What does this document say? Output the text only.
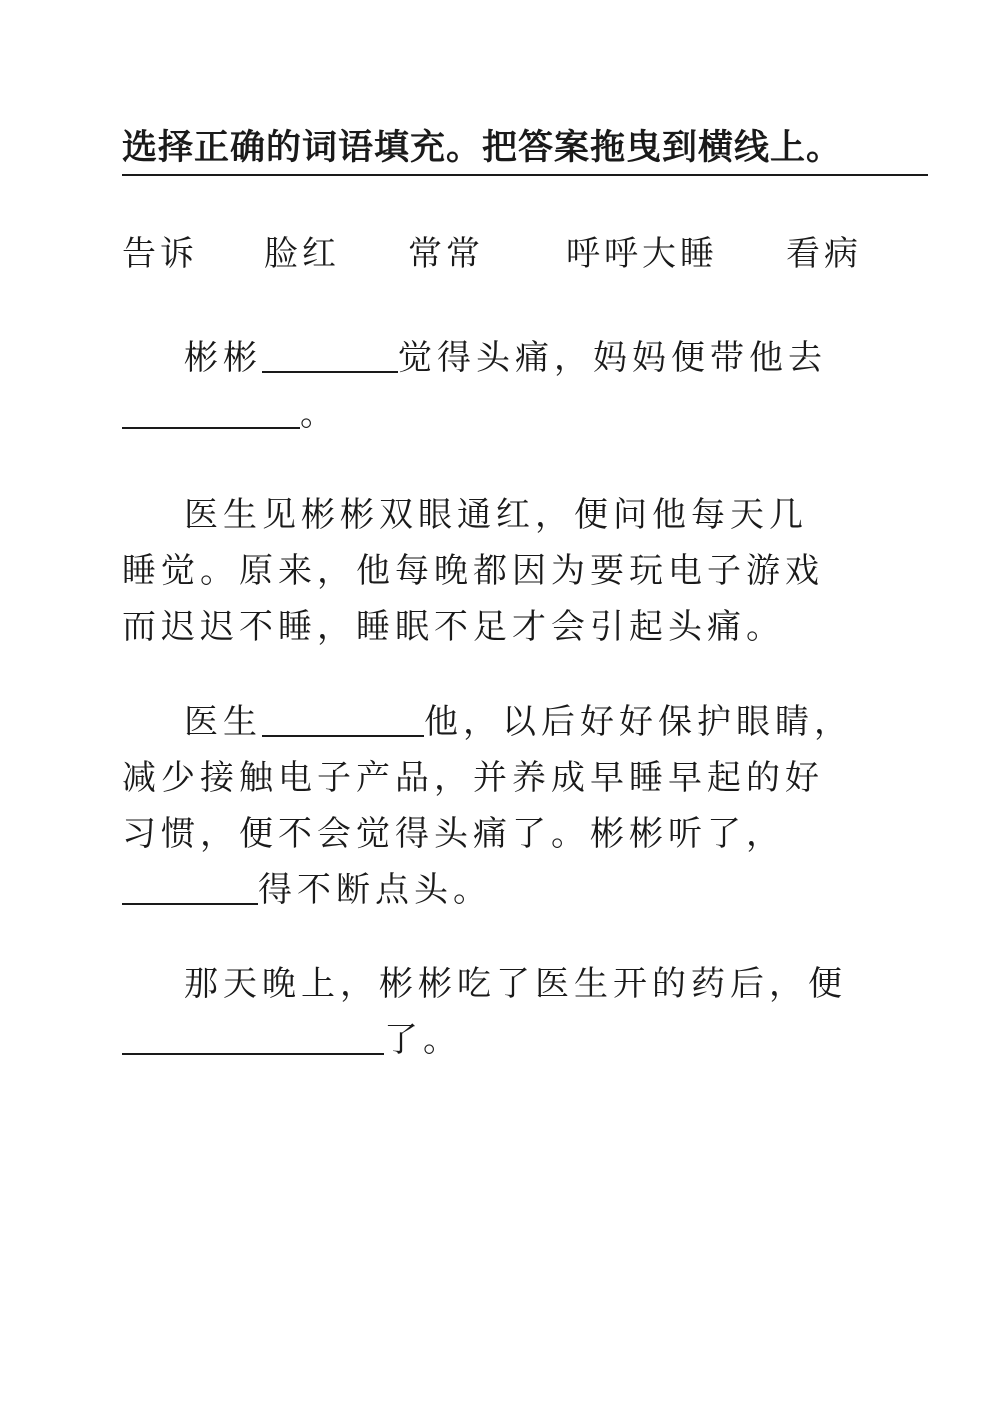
选择正确的词语填充。把答案拖曳到横线上。
告诉 脸红 常常 呼呼大睡 看病
彬彬	觉得头痛，妈妈便带他去
。
医生见彬彬双眼通红，便问他每天几
睡觉。原来，他每晚都因为要玩电子游戏
而迟迟不睡，睡眠不足才会引起头痛。
医生	他，以后好好保护眼睛，
减少接触电子产品，并养成早睡早起的好
习惯，便不会觉得头痛了。彬彬听了，
得不断点头。
那天晚上，彬彬吃了医生开的药后，便
了。
